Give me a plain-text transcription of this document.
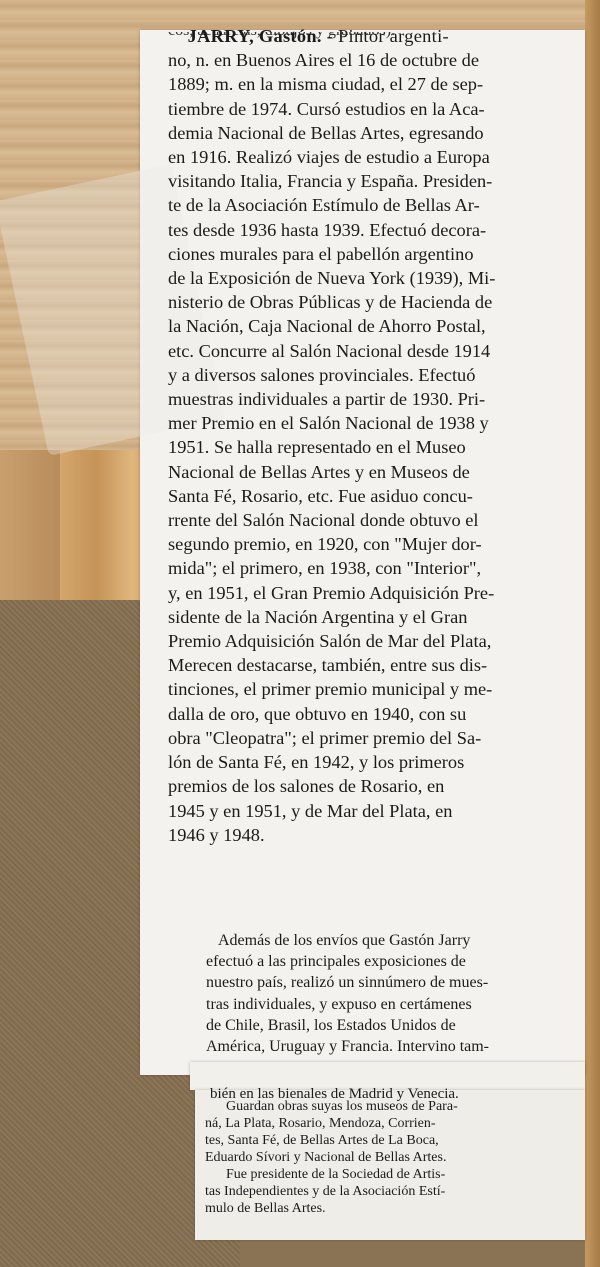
JARRY, Gastón. - Pintor argenti-
no, n. en Buenos Aires el 16 de octubre de
1889; m. en la misma ciudad, el 27 de sep-
tiembre de 1974. Cursó estudios en la Aca-
demia Nacional de Bellas Artes, egresando
en 1916. Realizó viajes de estudio a Europa
visitando Italia, Francia y España. Presiden-
te de la Asociación Estímulo de Bellas Ar-
tes desde 1936 hasta 1939. Efectuó decora-
ciones murales para el pabellón argentino
de la Exposición de Nueva York (1939), Mi-
nisterio de Obras Públicas y de Hacienda de
la Nación, Caja Nacional de Ahorro Postal,
etc. Concurre al Salón Nacional desde 1914
y a diversos salones provinciales. Efectuó
muestras individuales a partir de 1930. Pri-
mer Premio en el Salón Nacional de 1938 y
1951. Se halla representado en el Museo
Nacional de Bellas Artes y en Museos de
Santa Fé, Rosario, etc. Fue asiduo concu-
rrente del Salón Nacional donde obtuvo el
segundo premio, en 1920, con "Mujer dor-
mida"; el primero, en 1938, con "Interior",
y, en 1951, el Gran Premio Adquisición Pre-
sidente de la Nación Argentina y el Gran
Premio Adquisición Salón de Mar del Plata,
Merecen destacarse, también, entre sus dis-
tinciones, el primer premio municipal y me-
dalla de oro, que obtuvo en 1940, con su
obra "Cleopatra"; el primer premio del Sa-
lón de Santa Fé, en 1942, y los primeros
premios de los salones de Rosario, en
1945 y en 1951, y de Mar del Plata, en
1946 y 1948.
Además de los envíos que Gastón Jarry
efectuó a las principales exposiciones de
nuestro país, realizó un sinnúmero de mues-
tras individuales, y expuso en certámenes
de Chile, Brasil, los Estados Unidos de
América, Uruguay y Francia. Intervino tam-
bién en las bienales de Madrid y Venecia.
Guardan obras suyas los museos de Para-
ná, La Plata, Rosario, Mendoza, Corrien-
tes, Santa Fé, de Bellas Artes de La Boca,
Eduardo Sívori y Nacional de Bellas Artes.
Fue presidente de la Sociedad de Artis-
tas Independientes y de la Asociación Estí-
mulo de Bellas Artes.
